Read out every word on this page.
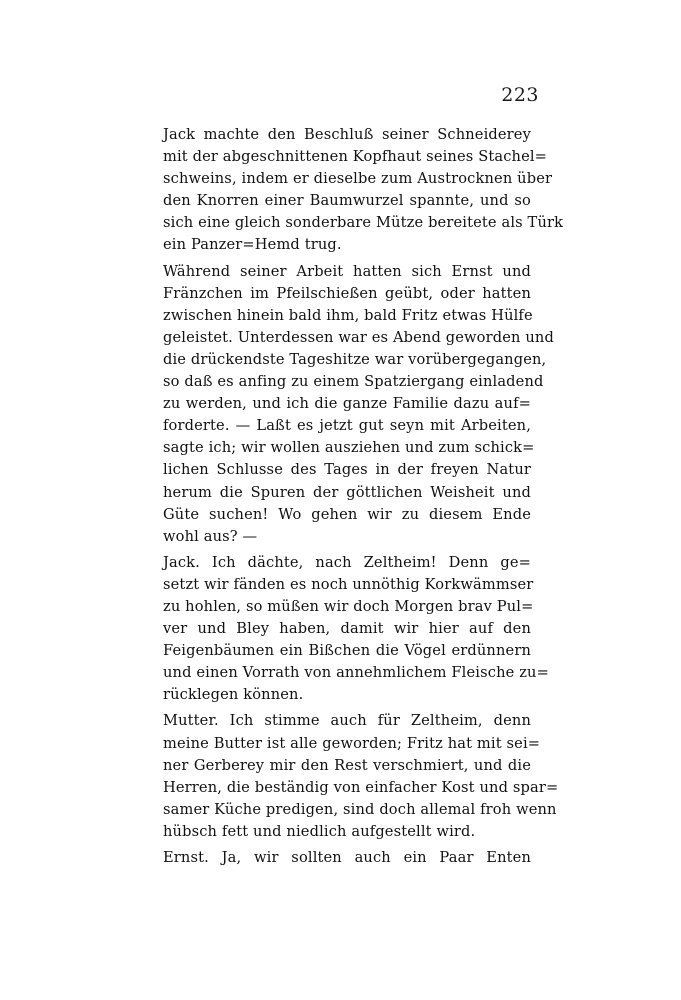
223
Jack machte den Beschluß seiner Schneiderey
mit der abgeschnittenen Kopfhaut seines Stachel=
schweins, indem er dieselbe zum Austrocknen über
den Knorren einer Baumwurzel spannte, und so
sich eine gleich sonderbare Mütze bereitete als Türk
ein Panzer=Hemd trug.
Während seiner Arbeit hatten sich Ernst und
Fränzchen im Pfeilschießen geübt, oder hatten
zwischen hinein bald ihm, bald Fritz etwas Hülfe
geleistet. Unterdessen war es Abend geworden und
die drückendste Tageshitze war vorübergegangen,
so daß es anfing zu einem Spatziergang einladend
zu werden, und ich die ganze Familie dazu auf=
forderte. — Laßt es jetzt gut seyn mit Arbeiten,
sagte ich; wir wollen ausziehen und zum schick=
lichen Schlusse des Tages in der freyen Natur
herum die Spuren der göttlichen Weisheit und
Güte suchen! Wo gehen wir zu diesem Ende
wohl aus? —
Jack. Ich dächte, nach Zeltheim! Denn ge=
setzt wir fänden es noch unnöthig Korkwämmser
zu hohlen, so müßen wir doch Morgen brav Pul=
ver und Bley haben, damit wir hier auf den
Feigenbäumen ein Bißchen die Vögel erdünnern
und einen Vorrath von annehmlichem Fleische zu=
rücklegen können.
Mutter. Ich stimme auch für Zeltheim, denn
meine Butter ist alle geworden; Fritz hat mit sei=
ner Gerberey mir den Rest verschmiert, und die
Herren, die beständig von einfacher Kost und spar=
samer Küche predigen, sind doch allemal froh wenn
hübsch fett und niedlich aufgestellt wird.
Ernst. Ja, wir sollten auch ein Paar Enten
